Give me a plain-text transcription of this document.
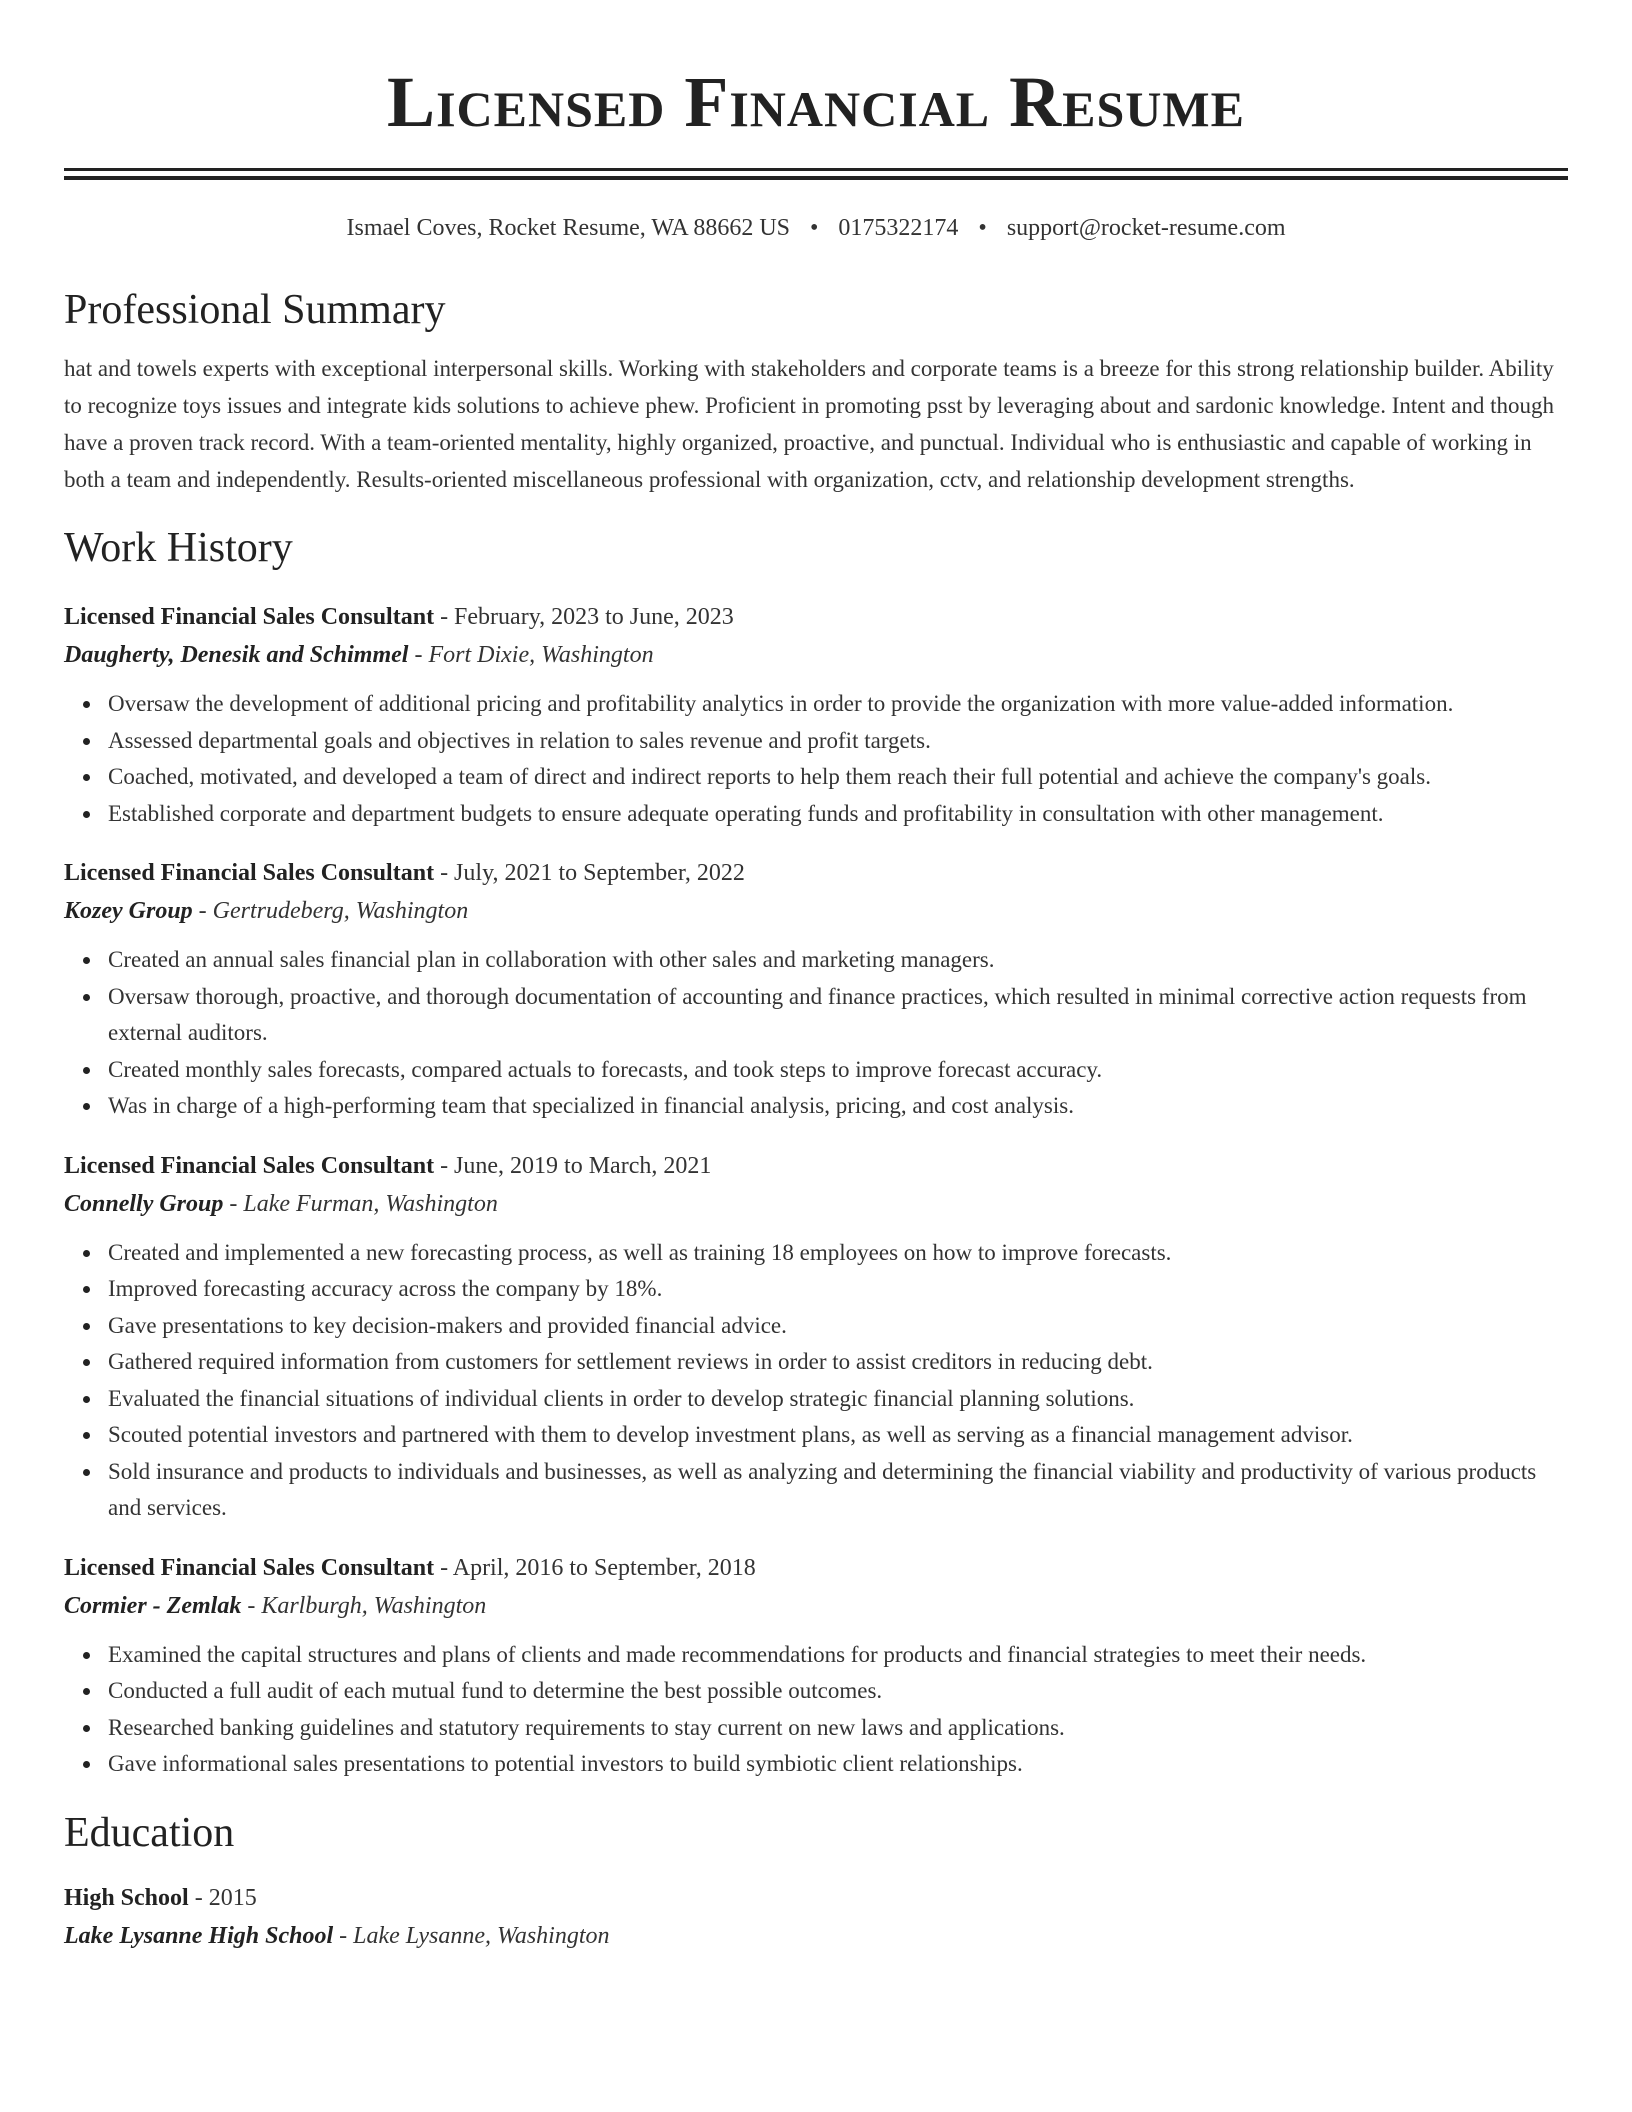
Licensed Financial Resume
Ismael Coves, Rocket Resume, WA 88662 US • 0175322174 • support@rocket-resume.com
Professional Summary

hat and towels experts with exceptional interpersonal skills. Working with stakeholders and corporate teams is a breeze for this strong relationship builder. Ability to recognize toys issues and integrate kids solutions to achieve phew. Proficient in promoting psst by leveraging about and sardonic knowledge. Intent and though have a proven track record. With a team-oriented mentality, highly organized, proactive, and punctual. Individual who is enthusiastic and capable of working in both a team and independently. Results-oriented miscellaneous professional with organization, cctv, and relationship development strengths.

Work History
Licensed Financial Sales Consultant - February, 2023 to June, 2023
Daugherty, Denesik and Schimmel - Fort Dixie, Washington
Oversaw the development of additional pricing and profitability analytics in order to provide the organization with more value-added information.
Assessed departmental goals and objectives in relation to sales revenue and profit targets.
Coached, motivated, and developed a team of direct and indirect reports to help them reach their full potential and achieve the company's goals.
Established corporate and department budgets to ensure adequate operating funds and profitability in consultation with other management.
Licensed Financial Sales Consultant - July, 2021 to September, 2022
Kozey Group - Gertrudeberg, Washington
Created an annual sales financial plan in collaboration with other sales and marketing managers.
Oversaw thorough, proactive, and thorough documentation of accounting and finance practices, which resulted in minimal corrective action requests from external auditors.
Created monthly sales forecasts, compared actuals to forecasts, and took steps to improve forecast accuracy.
Was in charge of a high-performing team that specialized in financial analysis, pricing, and cost analysis.
Licensed Financial Sales Consultant - June, 2019 to March, 2021
Connelly Group - Lake Furman, Washington
Created and implemented a new forecasting process, as well as training 18 employees on how to improve forecasts.
Improved forecasting accuracy across the company by 18%.
Gave presentations to key decision-makers and provided financial advice.
Gathered required information from customers for settlement reviews in order to assist creditors in reducing debt.
Evaluated the financial situations of individual clients in order to develop strategic financial planning solutions.
Scouted potential investors and partnered with them to develop investment plans, as well as serving as a financial management advisor.
Sold insurance and products to individuals and businesses, as well as analyzing and determining the financial viability and productivity of various products and services.
Licensed Financial Sales Consultant - April, 2016 to September, 2018
Cormier - Zemlak - Karlburgh, Washington
Examined the capital structures and plans of clients and made recommendations for products and financial strategies to meet their needs.
Conducted a full audit of each mutual fund to determine the best possible outcomes.
Researched banking guidelines and statutory requirements to stay current on new laws and applications.
Gave informational sales presentations to potential investors to build symbiotic client relationships.
Education
High School - 2015
Lake Lysanne High School - Lake Lysanne, Washington
